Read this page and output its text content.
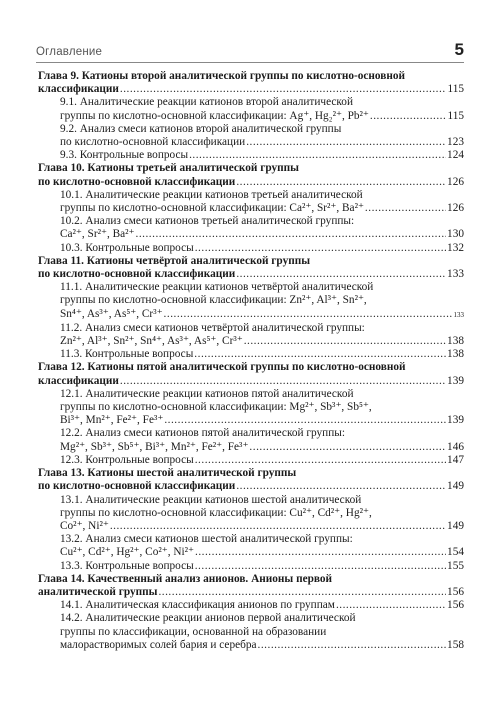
Оглавление	5
Глава 9. Катионы второй аналитической группы по кислотно-основной
классификации .....	115
9.1. Аналитические реакции катионов второй аналитической
группы по кислотно-основной классификации: Ag⁺, Hg₂²⁺, Pb²⁺ .....	115
9.2. Анализ смеси катионов второй аналитической группы
по кислотно-основной классификации .....	123
9.3. Контрольные вопросы .....	124
Глава 10. Катионы третьей аналитической группы
по кислотно-основной классификации .....	126
10.1. Аналитические реакции катионов третьей аналитической
группы по кислотно-основной классификации: Ca²⁺, Sr²⁺, Ba²⁺ .....	126
10.2. Анализ смеси катионов третьей аналитической группы:
Ca²⁺, Sr²⁺, Ba²⁺ .....	130
10.3. Контрольные вопросы .....	132
Глава 11. Катионы четвёртой аналитической группы
по кислотно-основной классификации .....	133
11.1. Аналитические реакции катионов четвёртой аналитической
группы по кислотно-основной классификации: Zn²⁺, Al³⁺, Sn²⁺,
Sn⁴⁺, As³⁺, As⁵⁺, Cr³⁺ .....	133
11.2. Анализ смеси катионов четвёртой аналитической группы:
Zn²⁺, Al³⁺, Sn²⁺, Sn⁴⁺, As³⁺, As⁵⁺, Cr³⁺ .....	138
11.3. Контрольные вопросы .....	138
Глава 12. Катионы пятой аналитической группы по кислотно-основной
классификации .....	139
12.1. Аналитические реакции катионов пятой аналитической
группы по кислотно-основной классификации: Mg²⁺, Sb³⁺, Sb⁵⁺,
Bi³⁺, Mn²⁺, Fe²⁺, Fe³⁺ .....	139
12.2. Анализ смеси катионов пятой аналитической группы:
Mg²⁺, Sb³⁺, Sb⁵⁺, Bi³⁺, Mn²⁺, Fe²⁺, Fe³⁺ .....	146
12.3. Контрольные вопросы .....	147
Глава 13. Катионы шестой аналитической группы
по кислотно-основной классификации .....	149
13.1. Аналитические реакции катионов шестой аналитической
группы по кислотно-основной классификации: Cu²⁺, Cd²⁺, Hg²⁺,
Co²⁺, Ni²⁺ .....	149
13.2. Анализ смеси катионов шестой аналитической группы:
Cu²⁺, Cd²⁺, Hg²⁺, Co²⁺, Ni²⁺ .....	154
13.3. Контрольные вопросы .....	155
Глава 14. Качественный анализ анионов. Анионы первой
аналитической группы .....	156
14.1. Аналитическая классификация анионов по группам .....	156
14.2. Аналитические реакции анионов первой аналитической
группы по классификации, основанной на образовании
малорастворимых солей бария и серебра .....	158
